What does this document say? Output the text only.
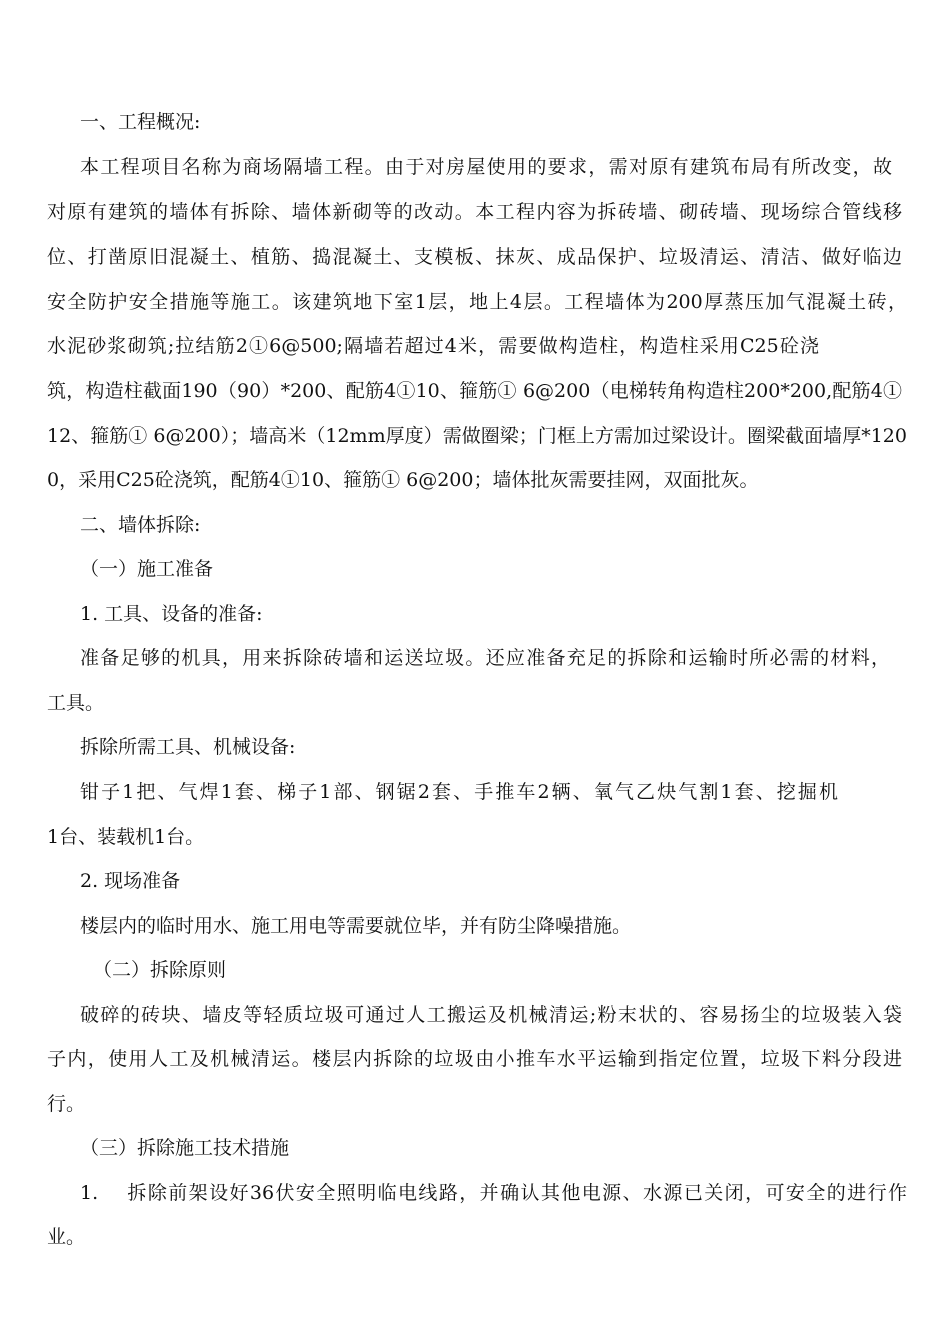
一、工程概况:
本工程项目名称为商场隔墙工程。由于对房屋使用的要求，需对原有建筑布局有所改变，故
对原有建筑的墙体有拆除、墙体新砌等的改动。本工程内容为拆砖墙、砌砖墙、现场综合管线移
位、打凿原旧混凝土、植筋、捣混凝土、支模板、抹灰、成品保护、垃圾清运、清洁、做好临边
安全防护安全措施等施工。该建筑地下室1层，地上4层。工程墙体为200厚蒸压加气混凝土砖，
水泥砂浆砌筑;拉结筋2①6@500;隔墙若超过4米，需要做构造柱，构造柱采用C25砼浇
筑，构造柱截面190（90）*200、配筋4①10、箍筋① 6@200（电梯转角构造柱200*200,配筋4①
12、箍筋① 6@200）；墙高米（12mm厚度）需做圈梁；门框上方需加过梁设计。圈梁截面墙厚*120
0，采用C25砼浇筑，配筋4①10、箍筋① 6@200；墙体批灰需要挂网，双面批灰。
二、墙体拆除:
（一）施工准备
1. 工具、设备的准备:
准备足够的机具，用来拆除砖墙和运送垃圾。还应准备充足的拆除和运输时所必需的材料，
工具。
拆除所需工具、机械设备:
钳子1把、气焊1套、梯子1部、钢锯2套、手推车2辆、氧气乙炔气割1套、挖掘机
1台、装载机1台。
2. 现场准备
楼层内的临时用水、施工用电等需要就位毕，并有防尘降噪措施。
（二）拆除原则
破碎的砖块、墙皮等轻质垃圾可通过人工搬运及机械清运;粉末状的、容易扬尘的垃圾装入袋
子内，使用人工及机械清运。楼层内拆除的垃圾由小推车水平运输到指定位置，垃圾下料分段进
行。
（三）拆除施工技术措施
1.　 拆除前架设好36伏安全照明临电线路，并确认其他电源、水源已关闭，可安全的进行作
业。
